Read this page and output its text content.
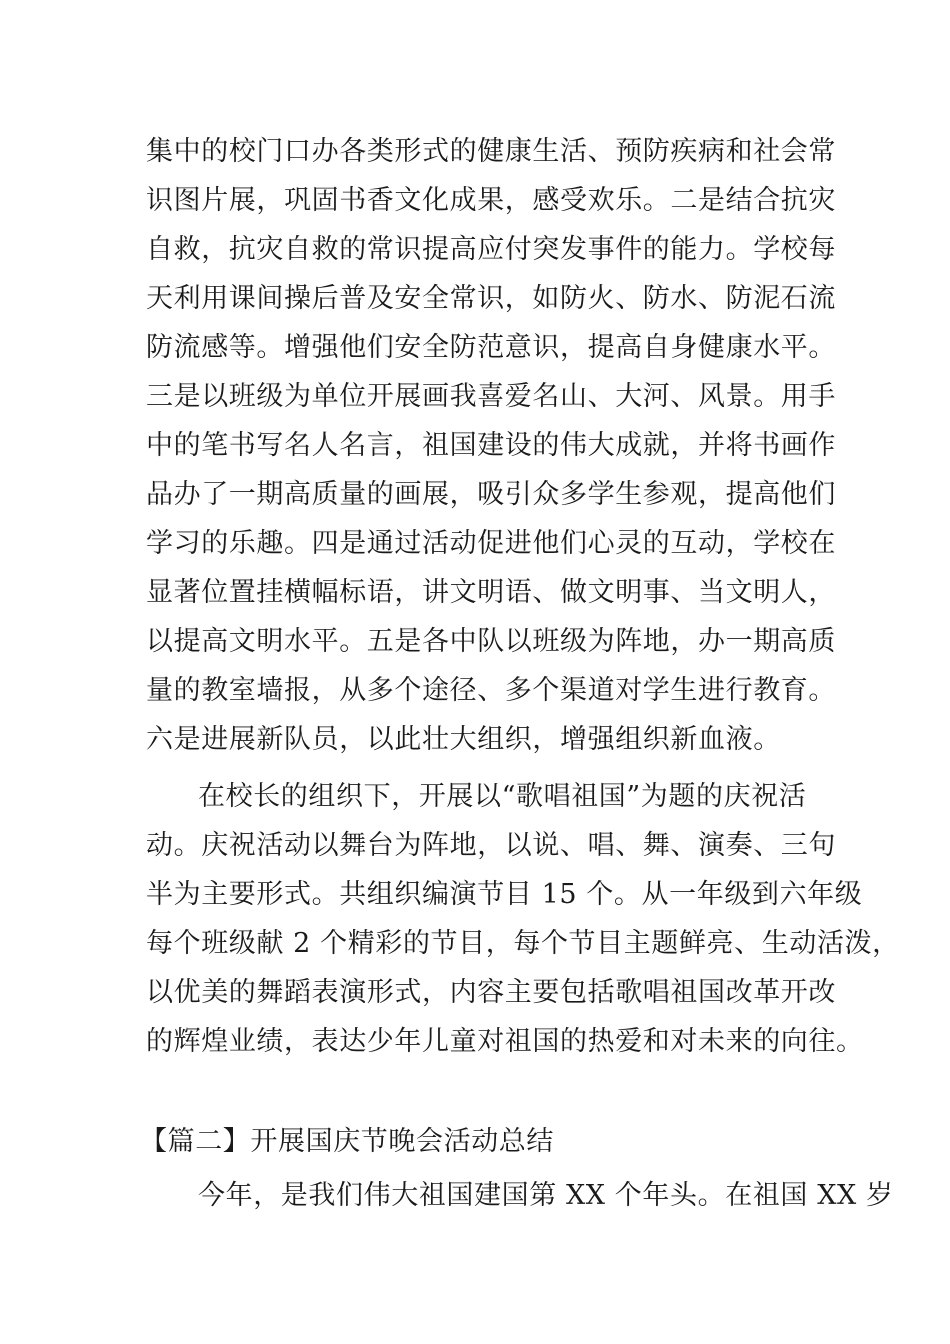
集中的校门口办各类形式的健康生活、预防疾病和社会常
识图片展，巩固书香文化成果，感受欢乐。二是结合抗灾
自救，抗灾自救的常识提高应付突发事件的能力。学校每
天利用课间操后普及安全常识，如防火、防水、防泥石流
防流感等。增强他们安全防范意识，提高自身健康水平。
三是以班级为单位开展画我喜爱名山、大河、风景。用手
中的笔书写名人名言，祖国建设的伟大成就，并将书画作
品办了一期高质量的画展，吸引众多学生参观，提高他们
学习的乐趣。四是通过活动促进他们心灵的互动，学校在
显著位置挂横幅标语，讲文明语、做文明事、当文明人，
以提高文明水平。五是各中队以班级为阵地，办一期高质
量的教室墙报，从多个途径、多个渠道对学生进行教育。
六是进展新队员，以此壮大组织，增强组织新血液。
在校长的组织下，开展以“歌唱祖国”为题的庆祝活
动。庆祝活动以舞台为阵地，以说、唱、舞、演奏、三句
半为主要形式。共组织编演节目 15 个。从一年级到六年级
每个班级献 2 个精彩的节目，每个节目主题鲜亮、生动活泼，
以优美的舞蹈表演形式，内容主要包括歌唱祖国改革开改
的辉煌业绩，表达少年儿童对祖国的热爱和对未来的向往。
【篇二】开展国庆节晚会活动总结
今年，是我们伟大祖国建国第 XX 个年头。在祖国 XX 岁
